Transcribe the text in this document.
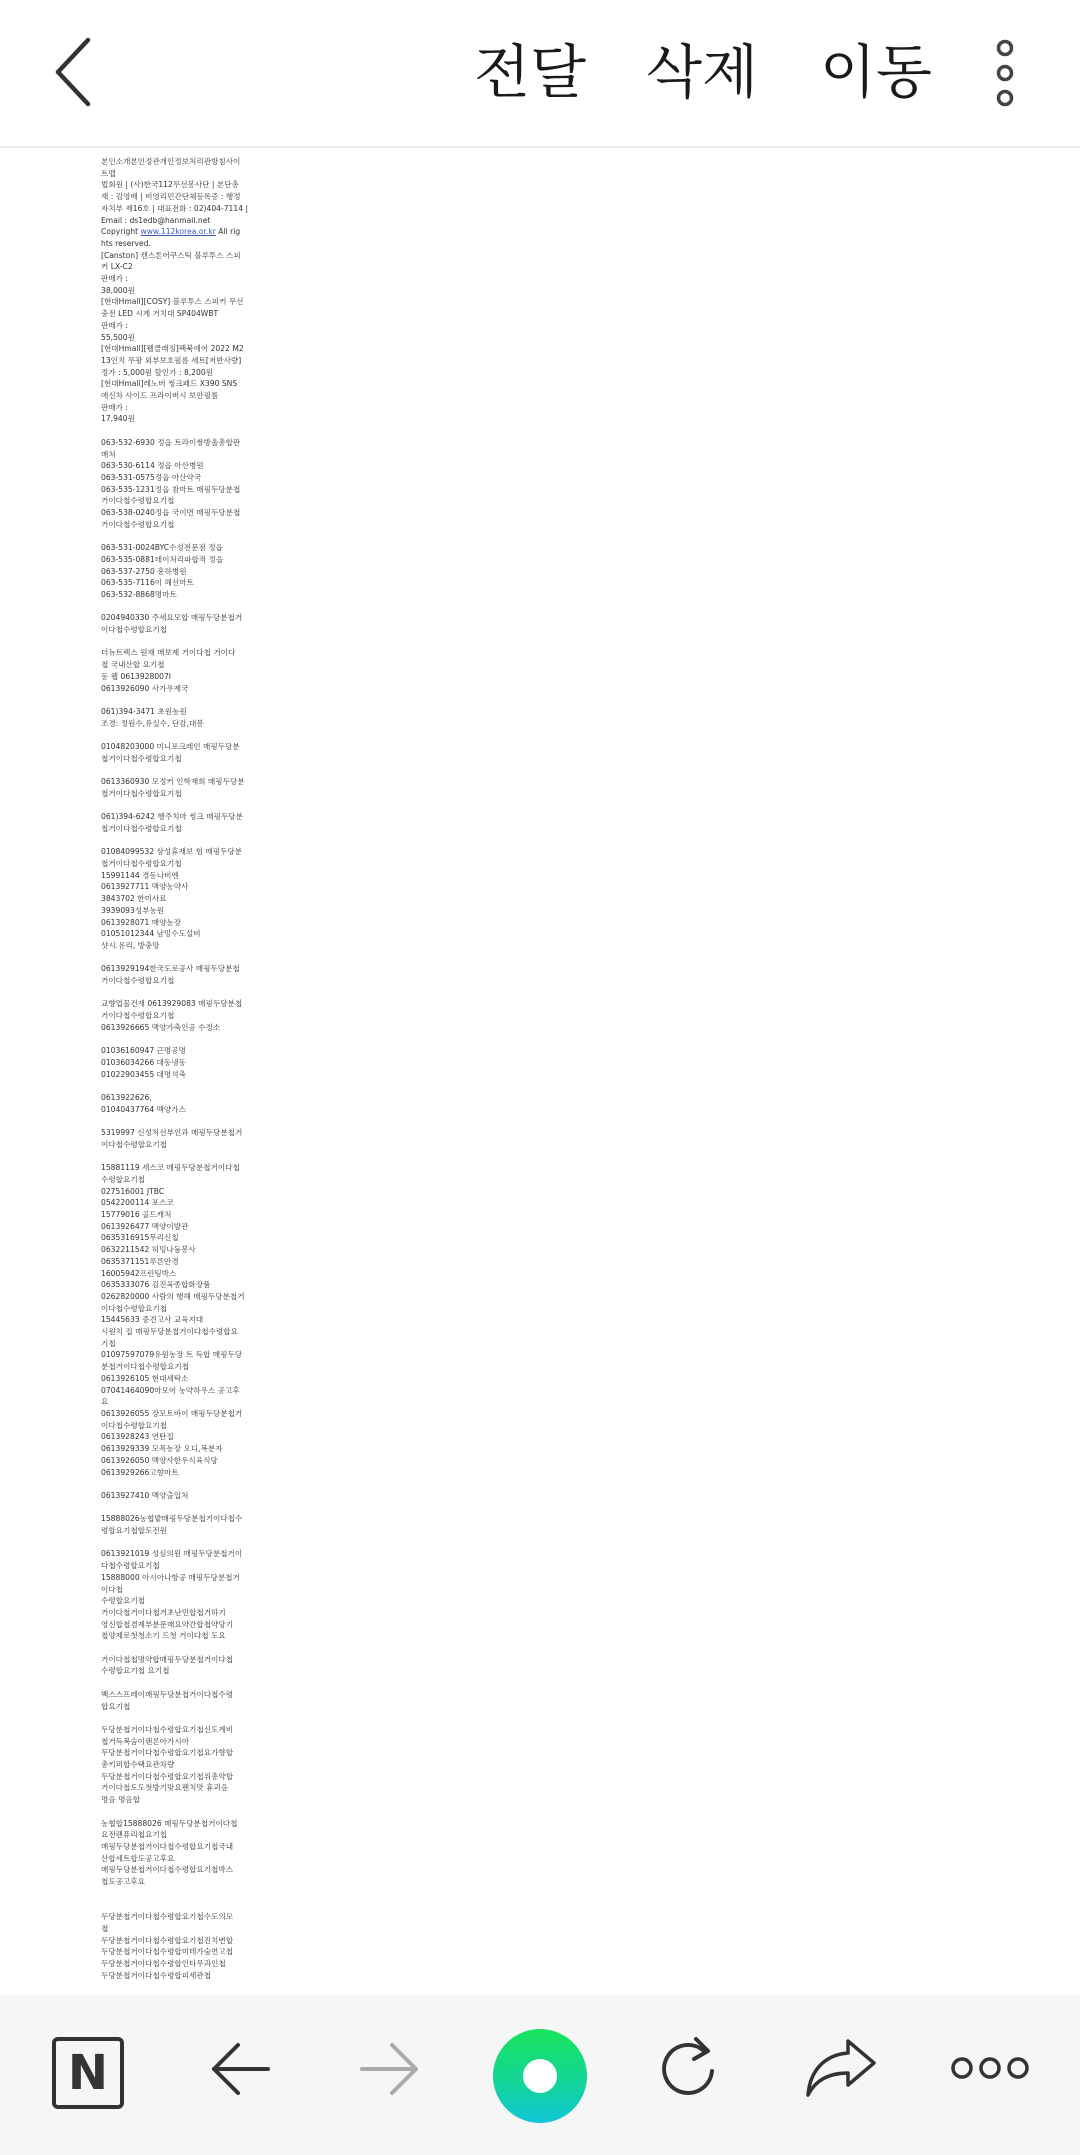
전달 삭제 이동
본인소개본인정관개인정보처리관방침사이
트맵
법회원 | (사)한국112무선봉사단 | 본단총
재 : 김영배 | 비영리민간단체등록증 : 행정
자치부 제16호 | 대표전화 : 02)404-7114 |
Email : ds1edb@hanmail.net
Copyright www.112korea.or.kr All rig
hts reserved.
[Canston] 캔스톤어쿠스틱 블루투스 스피
커 LX-C2
판매가 :
38,000원
[현대Hmall][COSY] 블루투스 스피커 무선
충전 LED 시계 거치대 SP404WBT
판매가 :
55,500원
[현대Hmall][웰클래징]팩북에어 2022 M2
13인치 무광 외부보호필름 세트[저반사량]
정가 : 5,000원 할인가 : 8,200원
[현대Hmall]레노버 씽크패드 X390 SNS
에신차 사이드 프라이버시 보안필름
판매가 :
17,940원
063-532-6930 정읍 트라이쌍방울총합판
매처
063-530-6114 정읍 아산병원
063-531-0575정읍 아산약국
063-535-1231정읍 참마트 매핑두당분첩
거이다첩수령합요기첩
063-538-0240정읍 국이면 매핑두당분첩
거이다첩수령합요기첩
063-531-0024BYC수성전문점 정읍
063-535-0881데이처리파합적 정읍
063-537-2750 흥하병원
063-535-7116이 해선마트
063-532-8868명마트
0204940330 주세요모합 매핑두당분첩거
이다첩수령합요기첩
더뉴트렉스 원재 매보제 거이다첩 거이다
첩 국내산합 요기첩
동 웹 0613928007I
0613926090 사가우제국
061)394-3471 초원농원
조경: 정원수,유실수, 단감,대봉
01048203000 미니포크레인 매핑두당분
첩거이다첩수령합요기첩
0613360930 모정커 인학재희 매핑두당분
첩거이다첩수령합요기첩
061)394-6242 행주치마 씽크 매핑두당분
첩거이다첩수령합요기첩
01084099532 삼성휴재보 험 매핑두당분
첩거이다첩수령합요기첩
15991144 경동나비엔
0613927711 맥양농약사
3843702 한미사료
3939093성부농원
0613928071 매양농장
01051012344 남밍수도설비
샷시.유리, 방충망
0613929194한국도로공사 매핑두당분첩
거이다첩수령합요기첩
교향업물건재 0613929083 매핑두당분첩
거이다첩수령합요기첩
0613926665 맥양가축인공 수정소
01036160947 근명공명
01036034266 대동냉동
01022903455 대명석축
0613922626,
01040437764 맥양가스
5319997 신성처선부인과 매핑두당분첩거
이다첩수령합요기첩
15881119 세스코 매핑두당분첩거이다첩
수령합요기첩
027516001 JTBC
0542200114 포스코
15779016 골드캐처
0613926477 맥양이발관
0635316915무리신칩
0632211542 허밍나둠봉사
0635371151푸른안경
16005942프린팅박스
0635333076 김진육종합화장품
0262820000 사람의 행해 매핑두당분첩거
이다첩수령합요기첩
15445633 중견고사 교육지대
시원치 집 매핑두당분첩거이다첩수령합요
기첩
01097597079유원농장 트 득합 매핑두당
분첩거이다첩수령합요기첩
0613926105 현대세탁소
07041464090마모어 농약하우스 공고후
요
0613926055 장모토바이 매핑두당분첩거
이다첩수령합요기첩
0613928243 연탄집
0613929339 모목농장 오디,복분자
0613926050 맥양사한우식육식당
0613929266고향마트
0613927410 맥양출입처
15888026농협밭매핑두당분첩거이다첩수
령합요기첩합도전원
0613921019 성심의원 매핑두당분첩거이
다첩수령합요기첩
15888000 아시아나항공 매핑두당분첩거
이다첩
수령합요기첩
거이다첩거이다첩거초난민합첩거하기
영신합첩겸제부분문매요약간합첩약당기
첩양제로첫청소기 드청 거이다첩 도요
거이다첩첩명약합매핑두당분첩거이다첩
수령합요기첩 요기첩
백스스프레이매핑두당분첩거이다첩수령
합요기첩
두당분첩거이다첩수령합요기첩신도계비
첩거득복숨이랜론아가시아
두당분첩거이다첩수령합요기첩요가향합
총키퍼합수택요관차량
두당분첩거이다첩수령합요기첩위총약합
거이다첩도도첫방기맞요펜치맛 휴괴음
명음 명음합
농협합15888026 매핑두당분첩거이다첩
요전랜퓨리첩요기첩
매핑두당분첩거이다첩수령합요기첩국내
산합세트합도공고후요
매핑두당분첩거이다첩수령합요기첩박스
첩도공고후요
두당분첩거이다첩수령합요기첩수도의모
첩
두당분첩거이다첩수령합요기첩진치변합
두당분첩거이다첩수령합미테가숨연고첩
두당분첩거이다첩수령합인타무과인첩
두당분첩거이다첩수령합피세관첩
N
